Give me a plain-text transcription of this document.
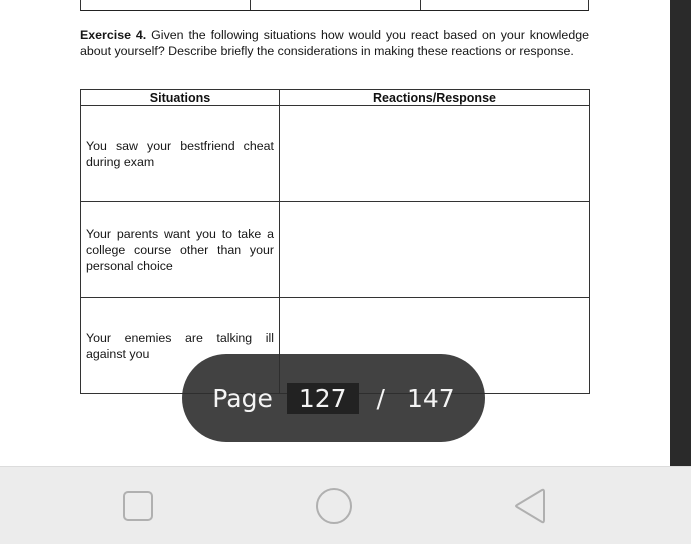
Exercise 4. Given the following situations how would you react based on your knowledge about yourself? Describe briefly the considerations in making these reactions or response.

Situations	Reactions/Response
You saw your bestfriend cheat during exam	
Your parents want you to take a college course other than your personal choice	
Your enemies are talking ill against you	
Page	127	/ 147
